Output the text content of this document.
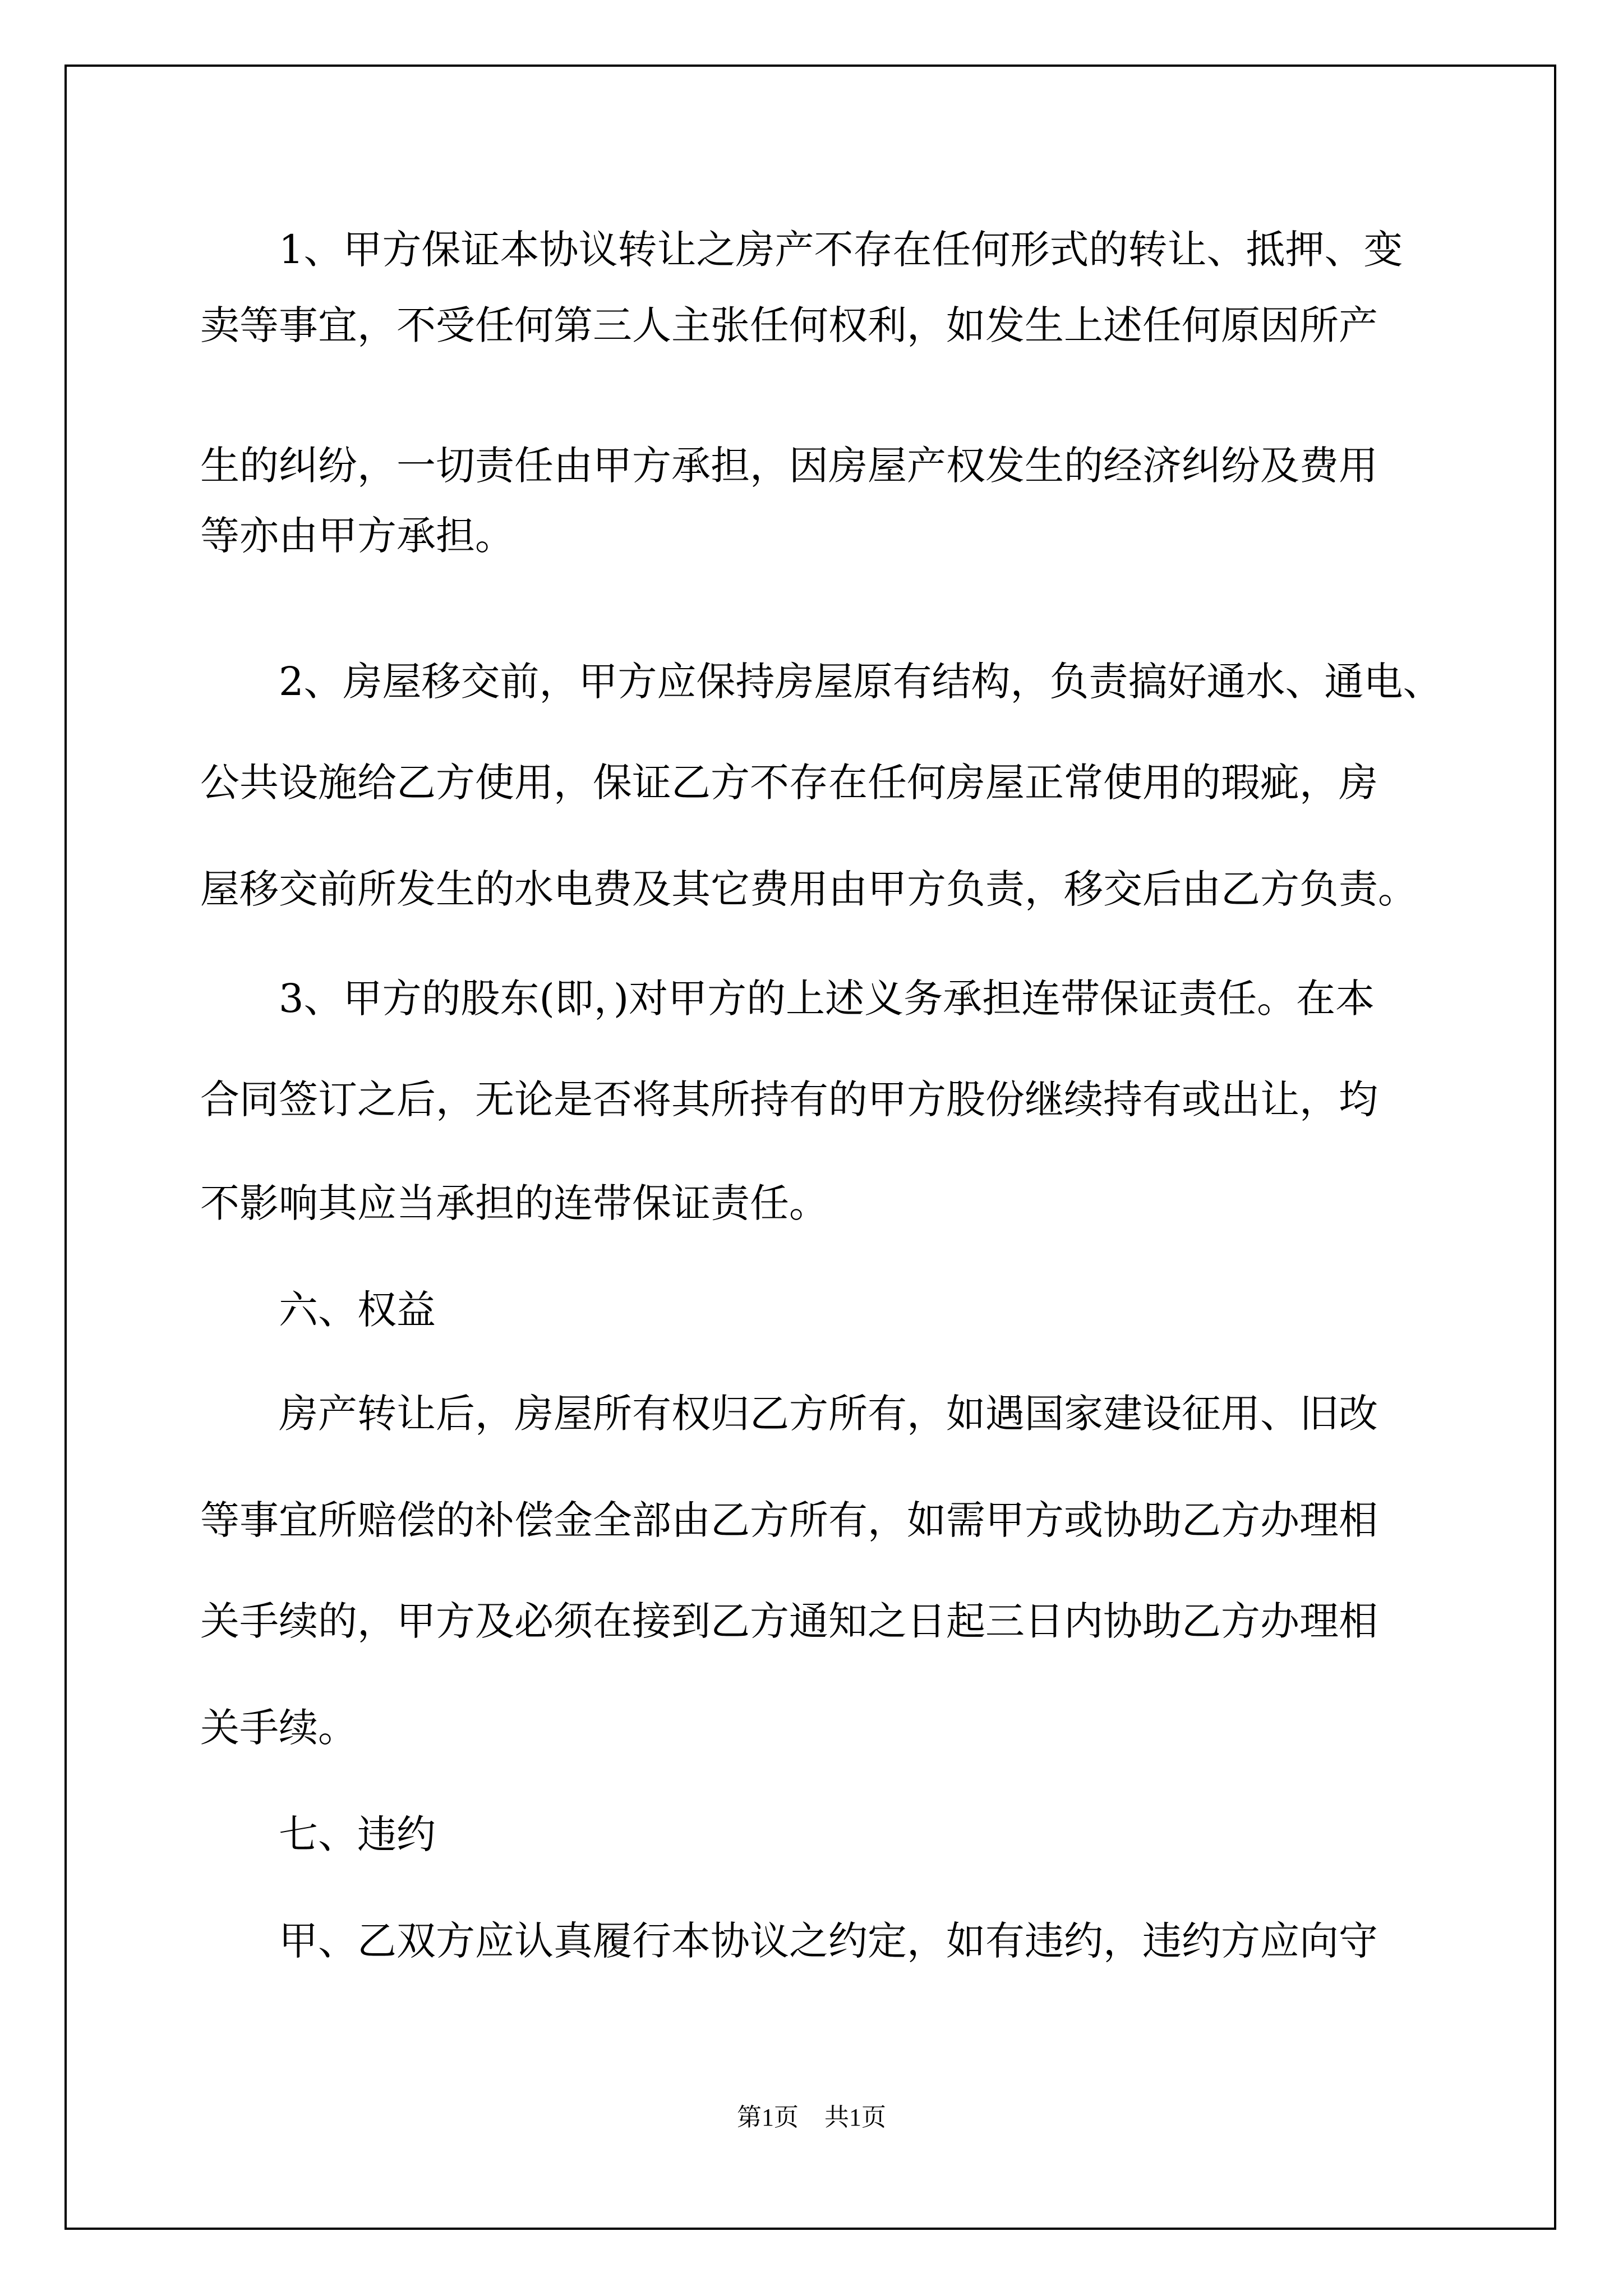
1、甲方保证本协议转让之房产不存在任何形式的转让、抵押、变
卖等事宜，不受任何第三人主张任何权利，如发生上述任何原因所产
生的纠纷，一切责任由甲方承担，因房屋产权发生的经济纠纷及费用
等亦由甲方承担。
2、房屋移交前，甲方应保持房屋原有结构，负责搞好通水、通电、
公共设施给乙方使用，保证乙方不存在任何房屋正常使用的瑕疵，房
屋移交前所发生的水电费及其它费用由甲方负责，移交后由乙方负责。
3、甲方的股东(即，)对甲方的上述义务承担连带保证责任。在本
合同签订之后，无论是否将其所持有的甲方股份继续持有或出让，均
不影响其应当承担的连带保证责任。
六、权益
房产转让后，房屋所有权归乙方所有，如遇国家建设征用、旧改
等事宜所赔偿的补偿金全部由乙方所有，如需甲方或协助乙方办理相
关手续的，甲方及必须在接到乙方通知之日起三日内协助乙方办理相
关手续。
七、违约
甲、乙双方应认真履行本协议之约定，如有违约，违约方应向守
第1页 共1页
